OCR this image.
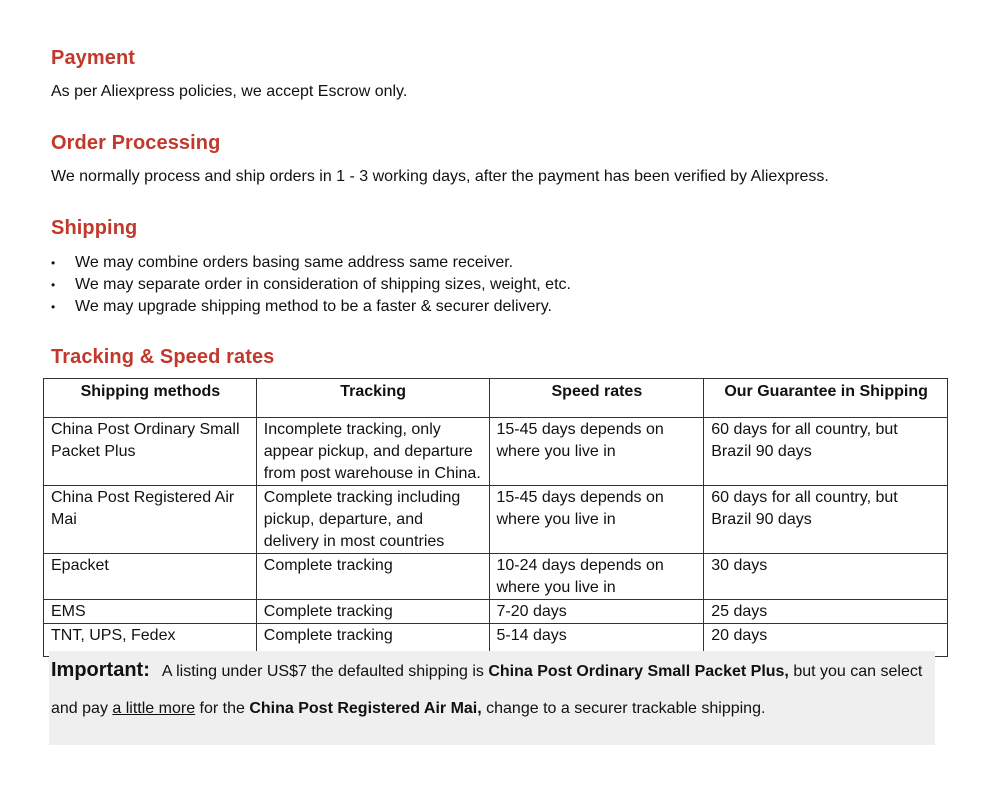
Payment

As per Aliexpress policies, we accept Escrow only.

Order Processing

We normally process and ship orders in 1 - 3 working days, after the payment has been verified by Aliexpress.

Shipping
• We may combine orders basing same address same receiver.
• We may separate order in consideration of shipping sizes, weight, etc.
• We may upgrade shipping method to be a faster & securer delivery.
Tracking & Speed rates
Shipping methods	Tracking	Speed rates	Our Guarantee in Shipping
China Post Ordinary Small Packet Plus	Incomplete tracking, only appear pickup, and departure from post warehouse in China.	15-45 days depends on where you live in	60 days for all country, but Brazil 90 days
China Post Registered Air Mai	Complete tracking including pickup, departure, and delivery in most countries	15-45 days depends on where you live in	60 days for all country, but Brazil 90 days
Epacket	Complete tracking	10-24 days depends on where you live in	30 days
EMS	Complete tracking	7-20 days	25 days
TNT, UPS, Fedex	Complete tracking	5-14 days	20 days

Important: A listing under US$7 the defaulted shipping is China Post Ordinary Small Packet Plus, but you can select

and pay a little more for the China Post Registered Air Mai, change to a securer trackable shipping.
